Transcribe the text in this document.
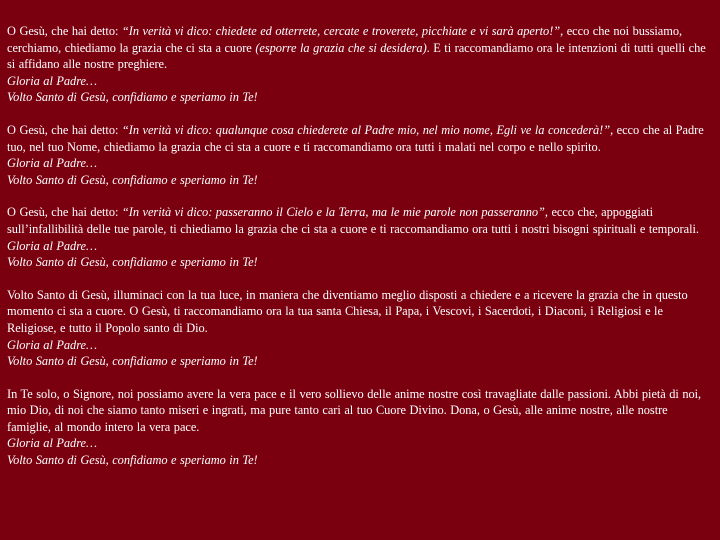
O Gesù, che hai detto: “In verità vi dico: chiedete ed otterrete, cercate e troverete, picchiate e vi sarà aperto!”, ecco che noi bussiamo, cerchiamo, chiediamo la grazia che ci sta a cuore (esporre la grazia che si desidera). E ti raccomandiamo ora le intenzioni di tutti quelli che si affidano alle nostre preghiere.
Gloria al Padre…
Volto Santo di Gesù, confidiamo e speriamo in Te!

O Gesù, che hai detto: “In verità vi dico: qualunque cosa chiederete al Padre mio, nel mio nome, Egli ve la concederà!”, ecco che al Padre tuo, nel tuo Nome, chiediamo la grazia che ci sta a cuore e ti raccomandiamo ora tutti i malati nel corpo e nello spirito.
Gloria al Padre…
Volto Santo di Gesù, confidiamo e speriamo in Te!

O Gesù, che hai detto: “In verità vi dico: passeranno il Cielo e la Terra, ma le mie parole non passeranno”, ecco che, appoggiati sull’infallibilità delle tue parole, ti chiediamo la grazia che ci sta a cuore e ti raccomandiamo ora tutti i nostri bisogni spirituali e temporali.
Gloria al Padre…
Volto Santo di Gesù, confidiamo e speriamo in Te!

Volto Santo di Gesù, illuminaci con la tua luce, in maniera che diventiamo meglio disposti a chiedere e a ricevere la grazia che in questo momento ci sta a cuore. O Gesù, ti raccomandiamo ora la tua santa Chiesa, il Papa, i Vescovi, i Sacerdoti, i Diaconi, i Religiosi e le Religiose, e tutto il Popolo santo di Dio.
Gloria al Padre…
Volto Santo di Gesù, confidiamo e speriamo in Te!

In Te solo, o Signore, noi possiamo avere la vera pace e il vero sollievo delle anime nostre così travagliate dalle passioni. Abbi pietà di noi, mio Dio, di noi che siamo tanto miseri e ingrati, ma pure tanto cari al tuo Cuore Divino. Dona, o Gesù, alle anime nostre, alle nostre famiglie, al mondo intero la vera pace.
Gloria al Padre…
Volto Santo di Gesù, confidiamo e speriamo in Te!
